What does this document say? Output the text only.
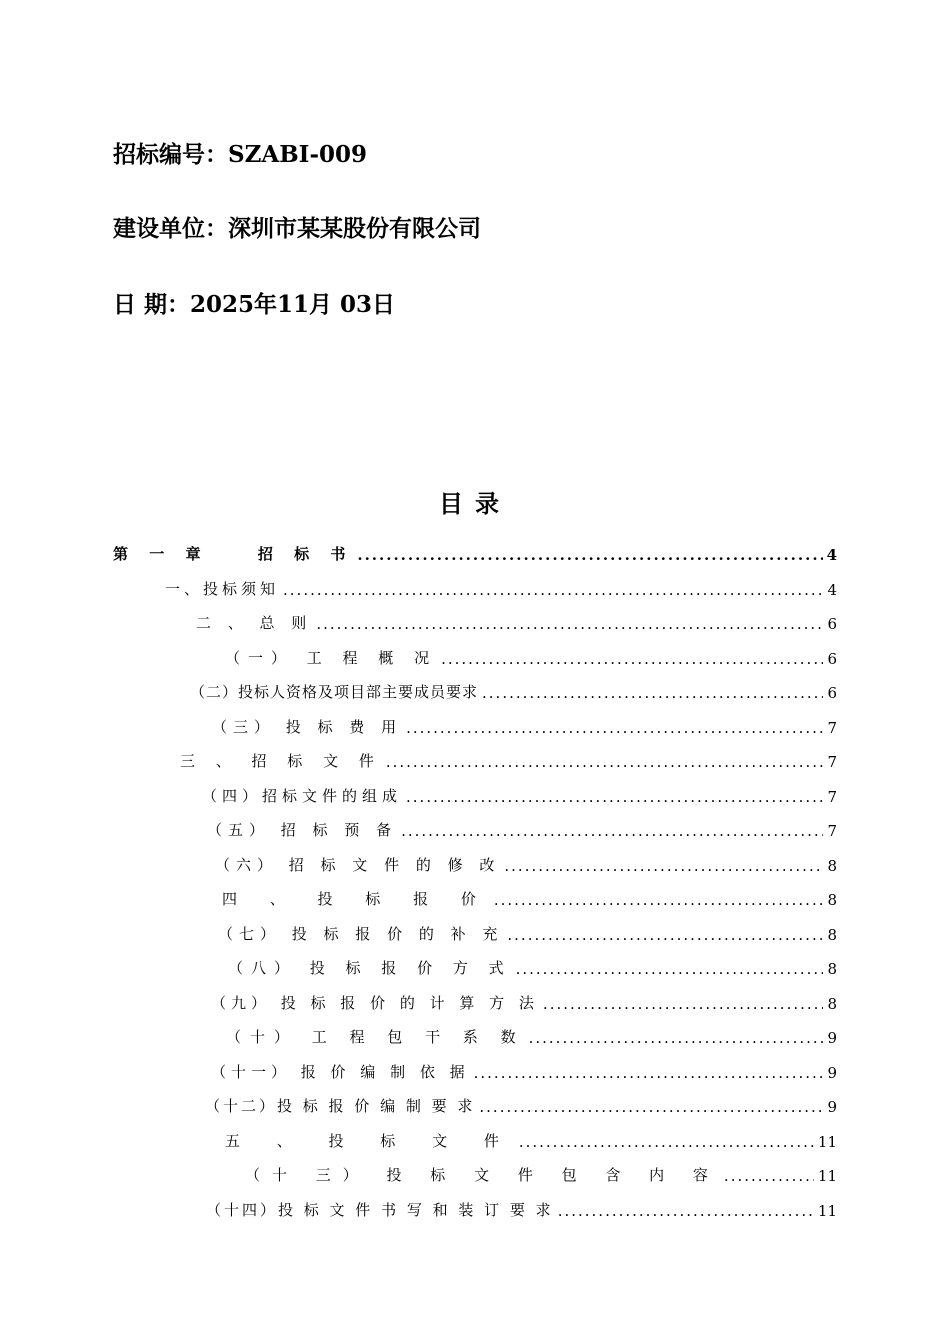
招标编号：SZABI-009
建设单位：深圳市某某股份有限公司
日 期：2025年11月 03日
目录
第 一 章 　 招 标 书 .....	4
一、投标须知 .....	4
二 、 总 则 .....	6
（一） 工 程 概 况 .....	6
（二）投标人资格及项目部主要成员要求 .....	6
（三） 投 标 费 用 .....	7
三 、 招 标 文 件 .....	7
（四）招标文件的组成 .....	7
（五） 招 标 预 备 .....	7
（六） 招 标 文 件 的 修 改 .....	8
四 、 投 标 报 价 .....	8
（七） 投 标 报 价 的 补 充 .....	8
（八） 投 标 报 价 方 式 .....	8
（九） 投 标 报 价 的 计 算 方 法 .....	8
（十） 工 程 包 干 系 数 .....	9
（十一） 报 价 编 制 依 据 .....	9
（十二）投 标 报 价 编 制 要 求 .....	9
五 、 投 标 文 件 .....	11
（十 三） 投 标 文 件 包 含 内 容 .....	11
（十四）投 标 文 件 书 写 和 装 订 要 求 .....	11
